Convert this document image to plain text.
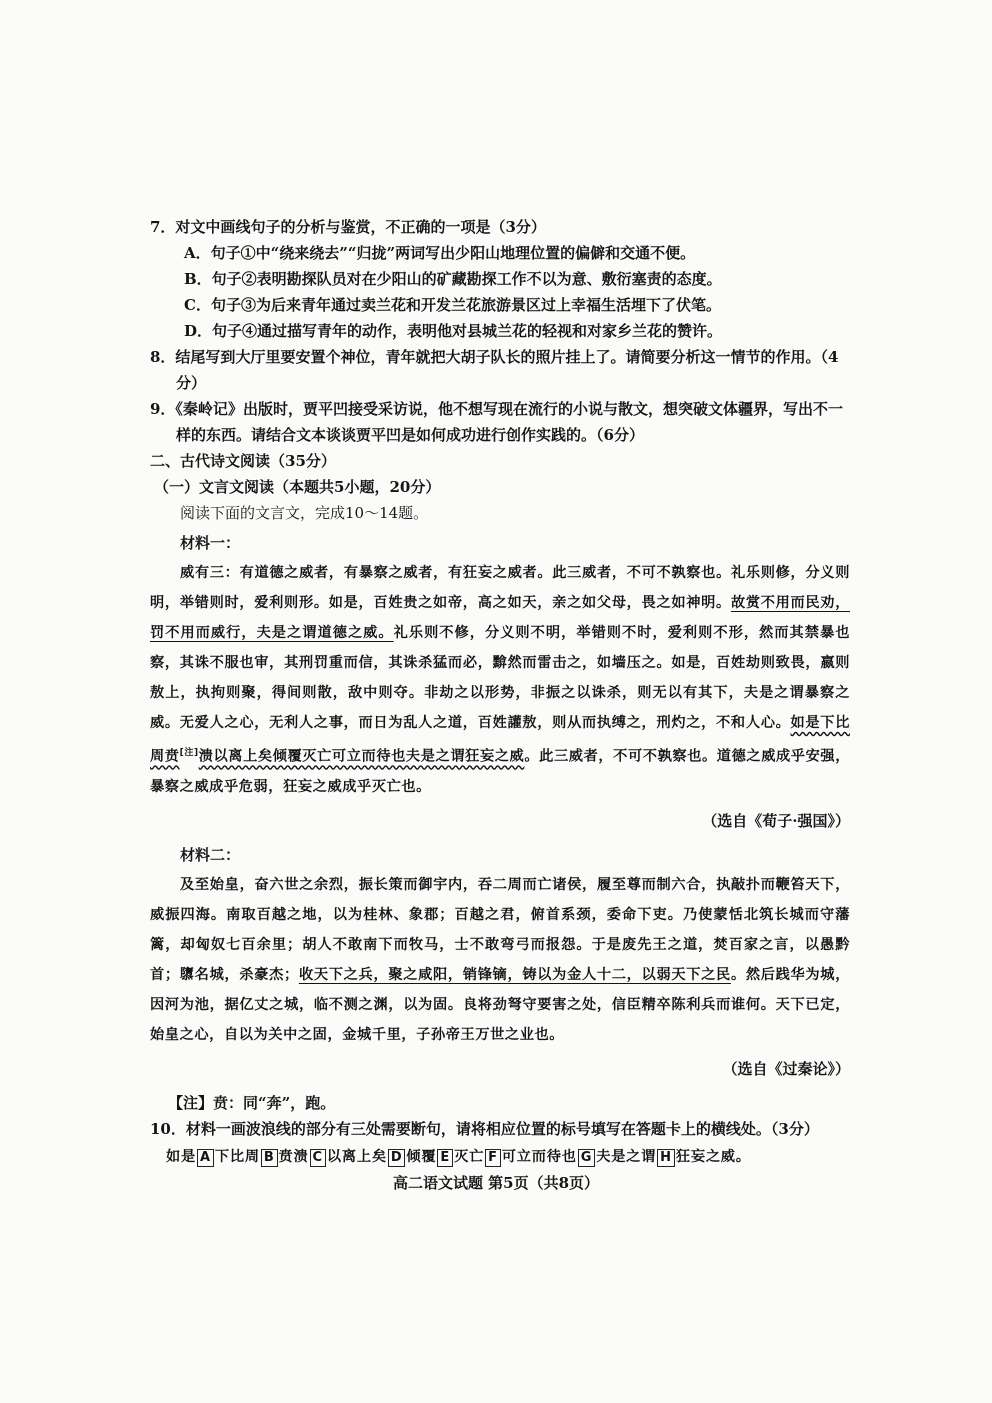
7．对文中画线句子的分析与鉴赏，不正确的一项是（3分）

A．句子①中“绕来绕去”“归拢”两词写出少阳山地理位置的偏僻和交通不便。

B．句子②表明勘探队员对在少阳山的矿藏勘探工作不以为意、敷衍塞责的态度。

C．句子③为后来青年通过卖兰花和开发兰花旅游景区过上幸福生活埋下了伏笔。

D．句子④通过描写青年的动作，表明他对县城兰花的轻视和对家乡兰花的赞许。

8．结尾写到大厅里要安置个神位，青年就把大胡子队长的照片挂上了。请简要分析这一情节的作用。（4分）

9．《秦岭记》出版时，贾平凹接受采访说，他不想写现在流行的小说与散文，想突破文体疆界，写出不一样的东西。请结合文本谈谈贾平凹是如何成功进行创作实践的。（6分）

二、古代诗文阅读（35分）

（一）文言文阅读（本题共5小题，20分）

阅读下面的文言文，完成10～14题。

材料一：

威有三：有道德之威者，有暴察之威者，有狂妄之威者。此三威者，不可不孰察也。礼乐则修，分义则明，举错则时，爱利则形。如是，百姓贵之如帝，高之如天，亲之如父母，畏之如神明。故赏不用而民劝，罚不用而威行，夫是之谓道德之威。礼乐则不修，分义则不明，举错则不时，爱利则不形，然而其禁暴也察，其诛不服也审，其刑罚重而信，其诛杀猛而必，黭然而雷击之，如墙压之。如是，百姓劫则致畏，嬴则敖上，执拘则聚，得间则散，敌中则夺。非劫之以形势，非振之以诛杀，则无以有其下，夫是之谓暴察之威。无爱人之心，无利人之事，而日为乱人之道，百姓讙敖，则从而执缚之，刑灼之，不和人心。如是下比周贲[注]溃以离上矣倾覆灭亡可立而待也夫是之谓狂妄之威。此三威者，不可不孰察也。道德之威成乎安强，暴察之威成乎危弱，狂妄之威成乎灭亡也。

（选自《荀子·强国》）

材料二：

及至始皇，奋六世之余烈，振长策而御宇内，吞二周而亡诸侯，履至尊而制六合，执敲扑而鞭笞天下，威振四海。南取百越之地，以为桂林、象郡；百越之君，俯首系颈，委命下吏。乃使蒙恬北筑长城而守藩篱，却匈奴七百余里；胡人不敢南下而牧马，士不敢弯弓而报怨。于是废先王之道，焚百家之言，以愚黔首；隳名城，杀豪杰；收天下之兵，聚之咸阳，销锋镝，铸以为金人十二，以弱天下之民。然后践华为城，因河为池，据亿丈之城，临不测之渊，以为固。良将劲弩守要害之处，信臣精卒陈利兵而谁何。天下已定，始皇之心，自以为关中之固，金城千里，子孙帝王万世之业也。

（选自《过秦论》）

【注】贲：同“奔”，跑。

10．材料一画波浪线的部分有三处需要断句，请将相应位置的标号填写在答题卡上的横线处。（3分）

如是 A 下比周 B 贲溃 C 以离上矣 D 倾覆 E 灭亡 F 可立而待也 G 夫是之谓 H 狂妄之威。

高二语文试题 第5页（共8页）
